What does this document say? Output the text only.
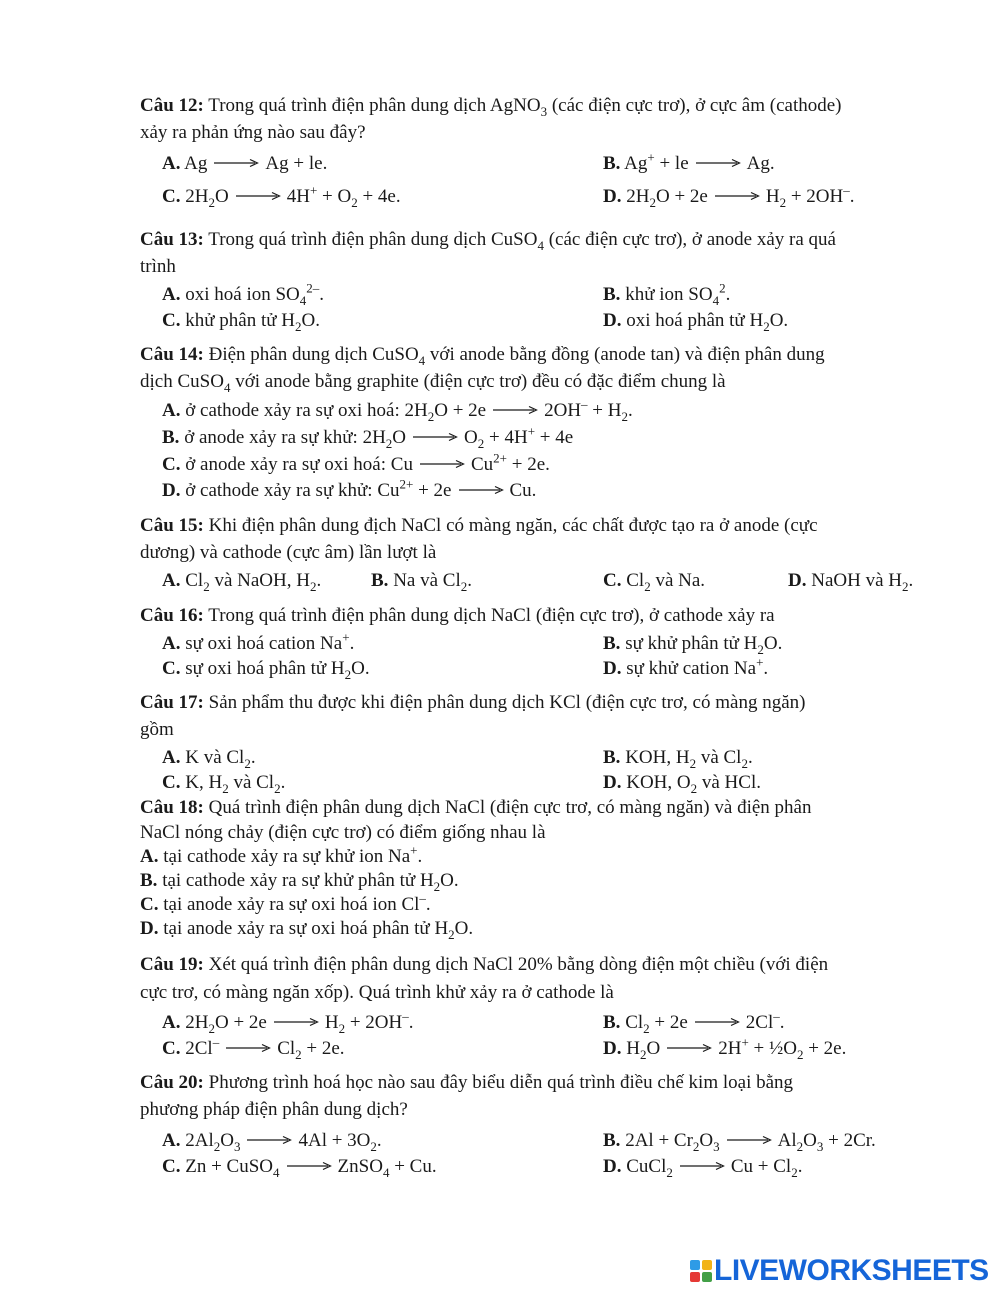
Câu 12: Trong quá trình điện phân dung dịch AgNO$_3$ (các điện cực trơ), ở cực âm (cathode)
xảy ra phản ứng nào sau đây?
A. Ag → Ag + le.	B. Ag+ + le → Ag.
C. $2H_2O \to 4H^+ + O_2 + 4e$.	D. $2H_2O + 2e \to H_2 + 2OH^-$.
Câu 13: Trong quá trình điện phân dung dịch CuSO$_4$ (các điện cực trơ), ở anode xảy ra quá
trình
A. oxi hoá ion $SO_4^{2-}$.	B. khử ion $SO_4^2$.
C. khử phân tử $H_2O$.	D. oxi hoá phân tử $H_2O$.
Câu 14: Điện phân dung dịch CuSO$_4$ với anode bằng đồng (anode tan) và điện phân dung
dịch CuSO$_4$ với anode bằng graphite (điện cực trơ) đều có đặc điểm chung là
A. ở cathode xảy ra sự oxi hoá: $2H_2O + 2e \to 2OH^- + H_2$.
B. ở anode xảy ra sự khử: $2H_2O \to O_2 + 4H^+ + 4e$
C. ở anode xảy ra sự oxi hoá: $Cu \to Cu^{2+} + 2e$.
D. ở cathode xảy ra sự khử: $Cu^{2+} + 2e \to Cu$.
Câu 15: Khi điện phân dung địch NaCl có màng ngăn, các chất được tạo ra ở anode (cực
dương) và cathode (cực âm) lần lượt là
A. $Cl_2$ và NaOH, $H_2$.	B. Na và $Cl_2$.	C. $Cl_2$ và Na.	D. NaOH và $H_2$.
Câu 16: Trong quá trình điện phân dung dịch NaCl (điện cực trơ), ở cathode xảy ra
A. sự oxi hoá cation Na+.	B. sự khử phân tử $H_2O$.
C. sự oxi hoá phân tử $H_2O$.	D. sự khử cation Na+.
Câu 17: Sản phẩm thu được khi điện phân dung dịch KCl (điện cực trơ, có màng ngăn)
gồm
A. K và $Cl_2$.	B. KOH, $H_2$ và $Cl_2$.
C. K, $H_2$ và $Cl_2$.	D. KOH, $O_2$ và HCl.
Câu 18: Quá trình điện phân dung dịch NaCl (điện cực trơ, có màng ngăn) và điện phân
NaCl nóng chảy (điện cực trơ) có điểm giống nhau là
A. tại cathode xảy ra sự khử ion Na+.
B. tại cathode xảy ra sự khử phân tử $H_2O$.
C. tại anode xảy ra sự oxi hoá ion Cl–.
D. tại anode xảy ra sự oxi hoá phân tử $H_2O$.
Câu 19: Xét quá trình điện phân dung dịch NaCl 20% bằng dòng điện một chiều (với điện
cực trơ, có màng ngăn xốp). Quá trình khử xảy ra ở cathode là
A. $2H_2O + 2e \to H_2 + 2OH^-$.	B. $Cl_2 + 2e \to 2Cl^-$.
C. $2Cl^- \to Cl_2 + 2e$.	D. $H_2O \to 2H^+$ + $\frac{1}{2}O_2 + 2e$.
Câu 20: Phương trình hoá học nào sau đây biểu diễn quá trình điều chế kim loại bằng
phương pháp điện phân dung dịch?
A. $2Al_2O_3 \to 4Al + 3O_2$.	B. $2Al + Cr_2O_3 \to Al_2O_3 + 2Cr$.
C. Zn + CuSO$_4$ → ZnSO$_4$ + Cu.	D. CuCl$_2$ → $Cu + Cl_2$.
LIVEWORKSHEETS
